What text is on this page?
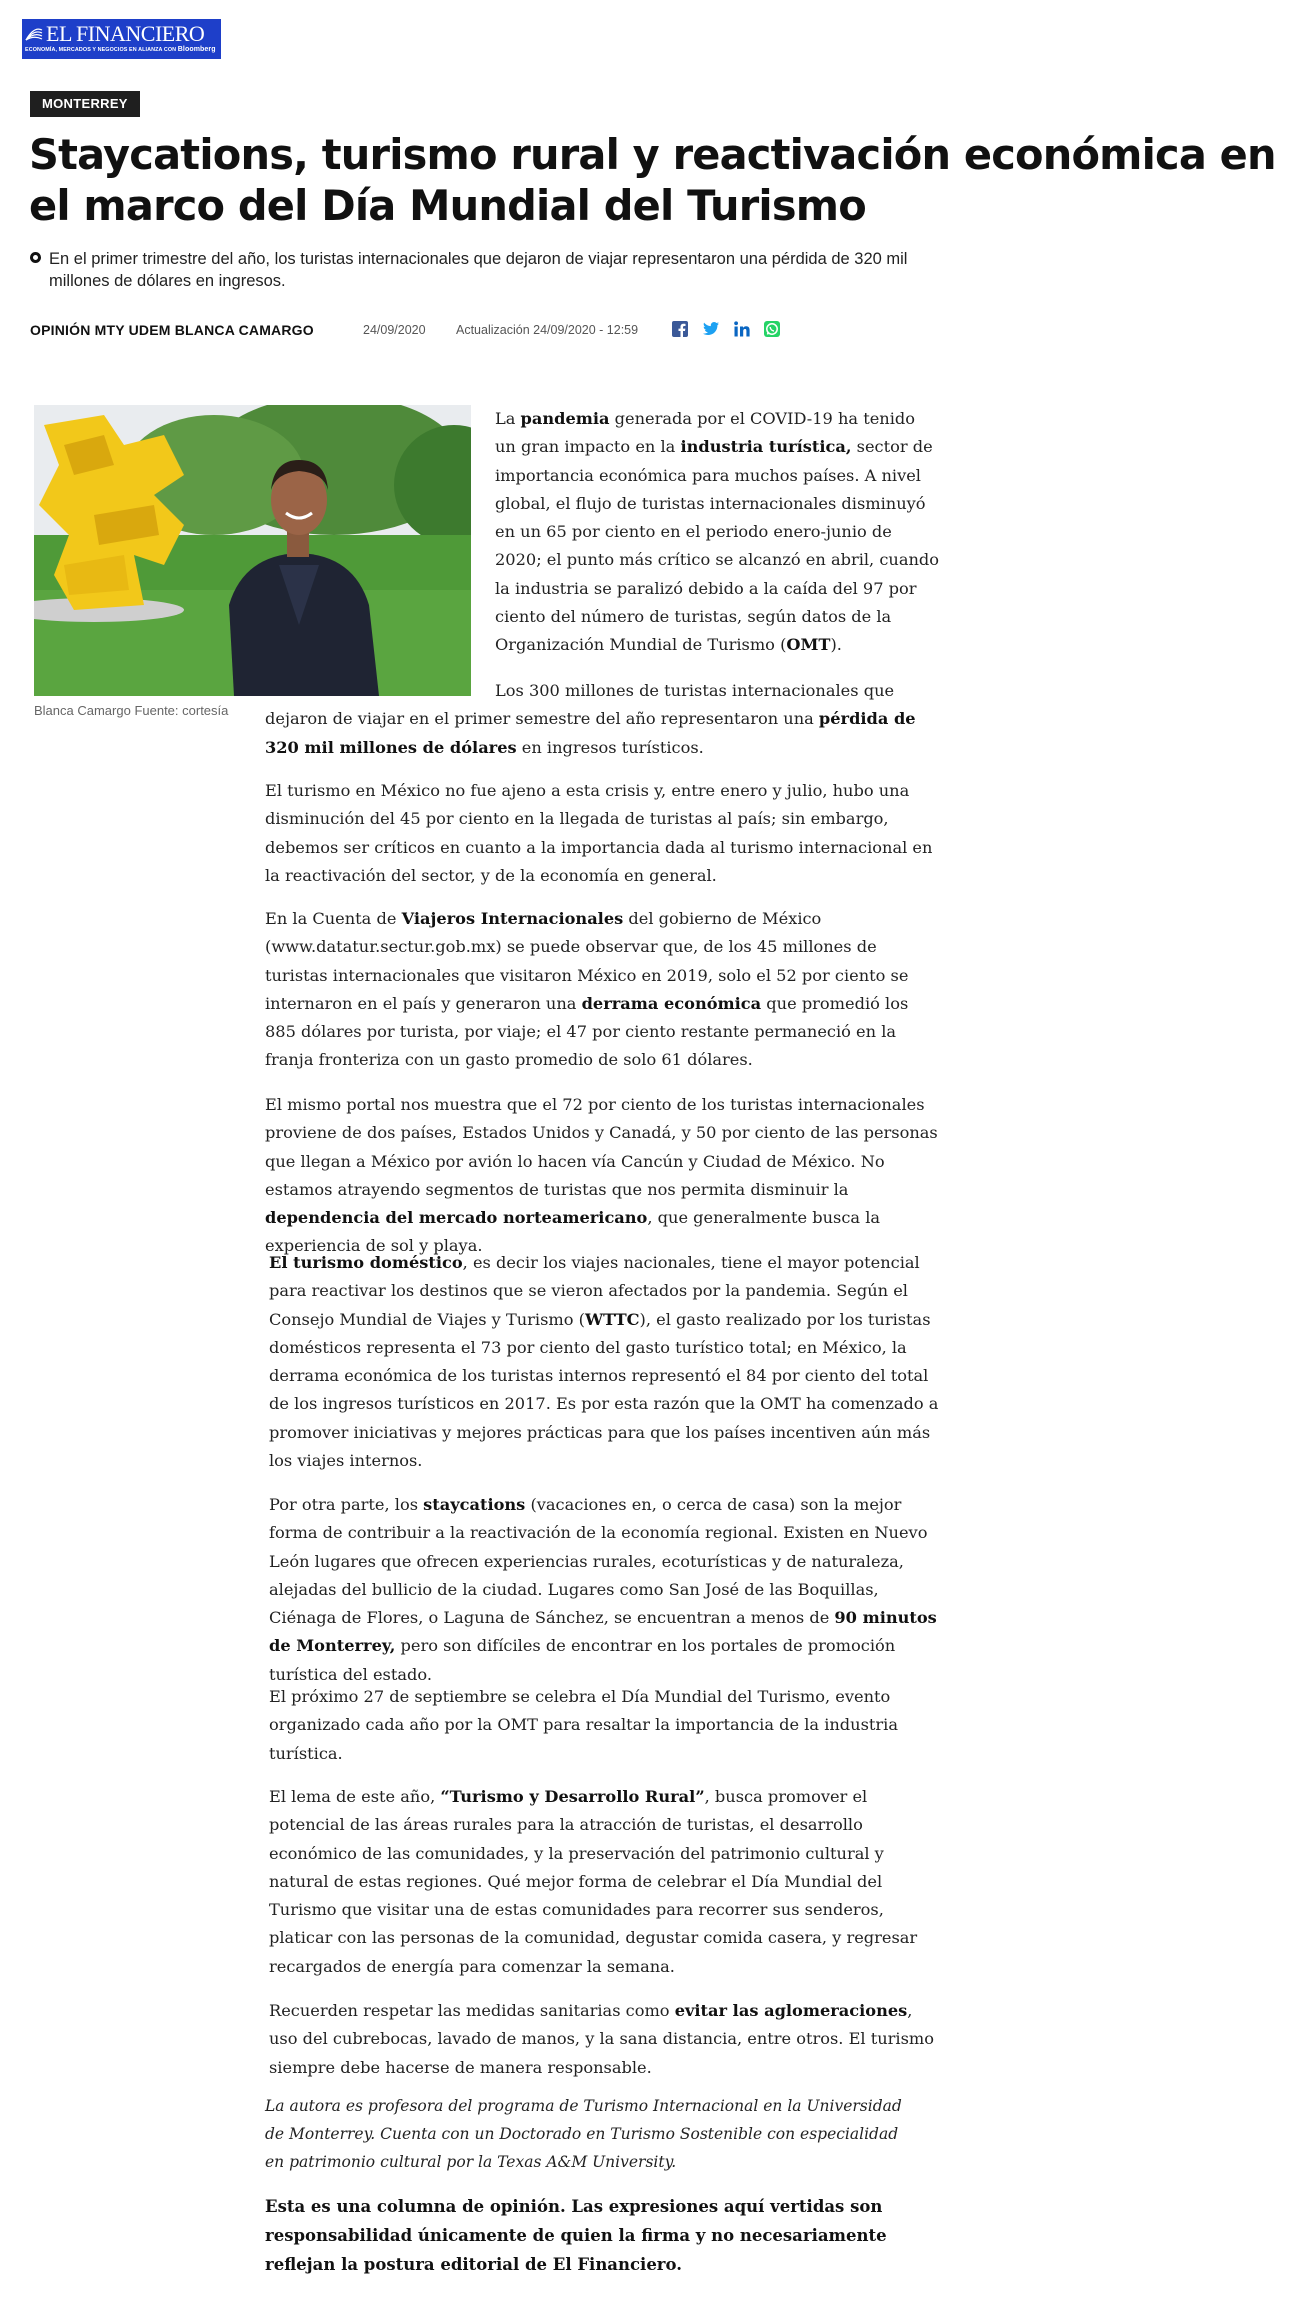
EL FINANCIERO
ECONOMÍA, MERCADOS Y NEGOCIOS EN ALIANZA CON Bloomberg
MONTERREY
Staycations, turismo rural y reactivación económica en el marco del Día Mundial del Turismo

En el primer trimestre del año, los turistas internacionales que dejaron de viajar representaron una pérdida de 320 mil millones de dólares en ingresos.

OPINIÓN MTY UDEM BLANCA CAMARGO	24/09/2020 Actualización 24/09/2020 - 12:59
Blanca Camargo Fuente: cortesía
La pandemia generada por el COVID-19 ha tenido un gran impacto en la industria turística, sector de importancia económica para muchos países. A nivel global, el flujo de turistas internacionales disminuyó en un 65 por ciento en el periodo enero-junio de 2020; el punto más crítico se alcanzó en abril, cuando la industria se paralizó debido a la caída del 97 por ciento del número de turistas, según datos de la Organización Mundial de Turismo (OMT).
Los 300 millones de turistas internacionales que dejaron de viajar en el primer semestre del año representaron una pérdida de 320 mil millones de dólares en ingresos turísticos.
El turismo en México no fue ajeno a esta crisis y, entre enero y julio, hubo una disminución del 45 por ciento en la llegada de turistas al país; sin embargo, debemos ser críticos en cuanto a la importancia dada al turismo internacional en la reactivación del sector, y de la economía en general.
En la Cuenta de Viajeros Internacionales del gobierno de México (www.datatur.sectur.gob.mx) se puede observar que, de los 45 millones de turistas internacionales que visitaron México en 2019, solo el 52 por ciento se internaron en el país y generaron una derrama económica que promedió los 885 dólares por turista, por viaje; el 47 por ciento restante permaneció en la franja fronteriza con un gasto promedio de solo 61 dólares.
El mismo portal nos muestra que el 72 por ciento de los turistas internacionales proviene de dos países, Estados Unidos y Canadá, y 50 por ciento de las personas que llegan a México por avión lo hacen vía Cancún y Ciudad de México. No estamos atrayendo segmentos de turistas que nos permita disminuir la dependencia del mercado norteamericano, que generalmente busca la experiencia de sol y playa.
El turismo doméstico, es decir los viajes nacionales, tiene el mayor potencial para reactivar los destinos que se vieron afectados por la pandemia. Según el Consejo Mundial de Viajes y Turismo (WTTC), el gasto realizado por los turistas domésticos representa el 73 por ciento del gasto turístico total; en México, la derrama económica de los turistas internos representó el 84 por ciento del total de los ingresos turísticos en 2017. Es por esta razón que la OMT ha comenzado a promover iniciativas y mejores prácticas para que los países incentiven aún más los viajes internos.
Por otra parte, los staycations (vacaciones en, o cerca de casa) son la mejor forma de contribuir a la reactivación de la economía regional. Existen en Nuevo León lugares que ofrecen experiencias rurales, ecoturísticas y de naturaleza, alejadas del bullicio de la ciudad. Lugares como San José de las Boquillas, Ciénaga de Flores, o Laguna de Sánchez, se encuentran a menos de 90 minutos de Monterrey, pero son difíciles de encontrar en los portales de promoción turística del estado.
El próximo 27 de septiembre se celebra el Día Mundial del Turismo, evento organizado cada año por la OMT para resaltar la importancia de la industria turística.
El lema de este año, “Turismo y Desarrollo Rural”, busca promover el potencial de las áreas rurales para la atracción de turistas, el desarrollo económico de las comunidades, y la preservación del patrimonio cultural y natural de estas regiones. Qué mejor forma de celebrar el Día Mundial del Turismo que visitar una de estas comunidades para recorrer sus senderos, platicar con las personas de la comunidad, degustar comida casera, y regresar recargados de energía para comenzar la semana.
Recuerden respetar las medidas sanitarias como evitar las aglomeraciones, uso del cubrebocas, lavado de manos, y la sana distancia, entre otros. El turismo siempre debe hacerse de manera responsable.
La autora es profesora del programa de Turismo Internacional en la Universidad de Monterrey. Cuenta con un Doctorado en Turismo Sostenible con especialidad en patrimonio cultural por la Texas A&M University.
Esta es una columna de opinión. Las expresiones aquí vertidas son responsabilidad únicamente de quien la firma y no necesariamente reflejan la postura editorial de El Financiero.
